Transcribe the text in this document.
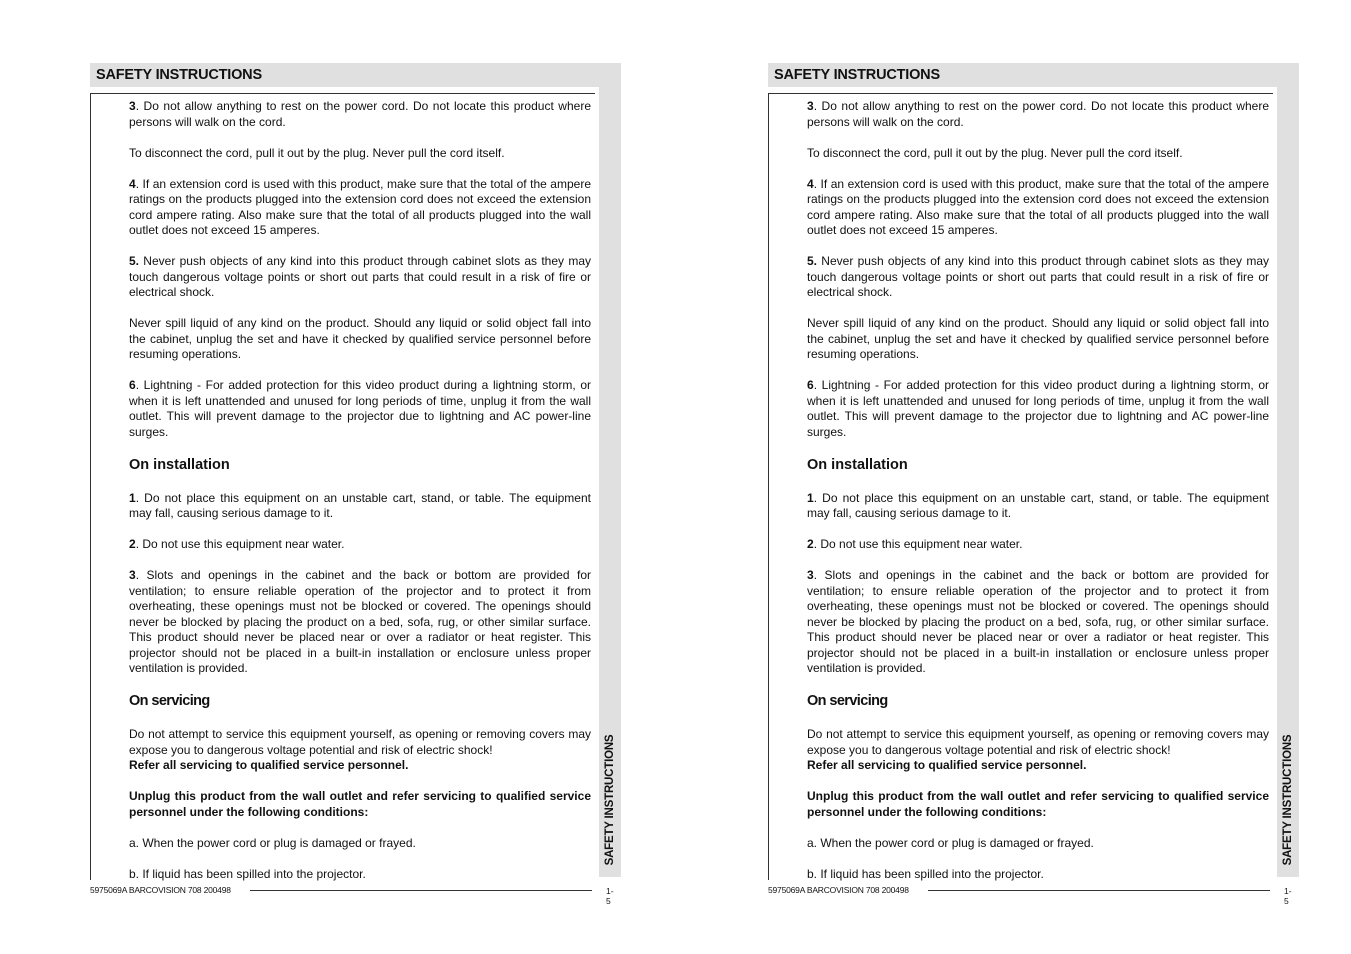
SAFETY INSTRUCTIONS
SAFETY INSTRUCTIONS

3. Do not allow anything to rest on the power cord. Do not locate this product where persons will walk on the cord.

To disconnect the cord, pull it out by the plug. Never pull the cord itself.

4. If an extension cord is used with this product, make sure that the total of the ampere ratings on the products plugged into the extension cord does not exceed the extension cord ampere rating. Also make sure that the total of all products plugged into the wall outlet does not exceed 15 amperes.

5. Never push objects of any kind into this product through cabinet slots as they may touch dangerous voltage points or short out parts that could result in a risk of fire or electrical shock.

Never spill liquid of any kind on the product. Should any liquid or solid object fall into the cabinet, unplug the set and have it checked by qualified service personnel before resuming operations.

6. Lightning - For added protection for this video product during a lightning storm, or when it is left unattended and unused for long periods of time, unplug it from the wall outlet. This will prevent damage to the projector due to lightning and AC power-line surges.

On installation

1. Do not place this equipment on an unstable cart, stand, or table. The equipment may fall, causing serious damage to it.

2. Do not use this equipment near water.

3. Slots and openings in the cabinet and the back or bottom are provided for ventilation; to ensure reliable operation of the projector and to protect it from overheating, these openings must not be blocked or covered. The openings should never be blocked by placing the product on a bed, sofa, rug, or other similar surface. This product should never be placed near or over a radiator or heat register. This projector should not be placed in a built-in installation or enclosure unless proper ventilation is provided.

On servicing

Do not attempt to service this equipment yourself, as opening or removing covers may expose you to dangerous voltage potential and risk of electric shock!
Refer all servicing to qualified service personnel.

Unplug this product from the wall outlet and refer servicing to qualified service personnel under the following conditions:

a. When the power cord or plug is damaged or frayed.

b. If liquid has been spilled into the projector.

5975069A BARCOVISION 708 200498	1-5
SAFETY INSTRUCTIONS
SAFETY INSTRUCTIONS

3. Do not allow anything to rest on the power cord. Do not locate this product where persons will walk on the cord.

To disconnect the cord, pull it out by the plug. Never pull the cord itself.

4. If an extension cord is used with this product, make sure that the total of the ampere ratings on the products plugged into the extension cord does not exceed the extension cord ampere rating. Also make sure that the total of all products plugged into the wall outlet does not exceed 15 amperes.

5. Never push objects of any kind into this product through cabinet slots as they may touch dangerous voltage points or short out parts that could result in a risk of fire or electrical shock.

Never spill liquid of any kind on the product. Should any liquid or solid object fall into the cabinet, unplug the set and have it checked by qualified service personnel before resuming operations.

6. Lightning - For added protection for this video product during a lightning storm, or when it is left unattended and unused for long periods of time, unplug it from the wall outlet. This will prevent damage to the projector due to lightning and AC power-line surges.

On installation

1. Do not place this equipment on an unstable cart, stand, or table. The equipment may fall, causing serious damage to it.

2. Do not use this equipment near water.

3. Slots and openings in the cabinet and the back or bottom are provided for ventilation; to ensure reliable operation of the projector and to protect it from overheating, these openings must not be blocked or covered. The openings should never be blocked by placing the product on a bed, sofa, rug, or other similar surface. This product should never be placed near or over a radiator or heat register. This projector should not be placed in a built-in installation or enclosure unless proper ventilation is provided.

On servicing

Do not attempt to service this equipment yourself, as opening or removing covers may expose you to dangerous voltage potential and risk of electric shock!
Refer all servicing to qualified service personnel.

Unplug this product from the wall outlet and refer servicing to qualified service personnel under the following conditions:

a. When the power cord or plug is damaged or frayed.

b. If liquid has been spilled into the projector.

5975069A BARCOVISION 708 200498	1-5
